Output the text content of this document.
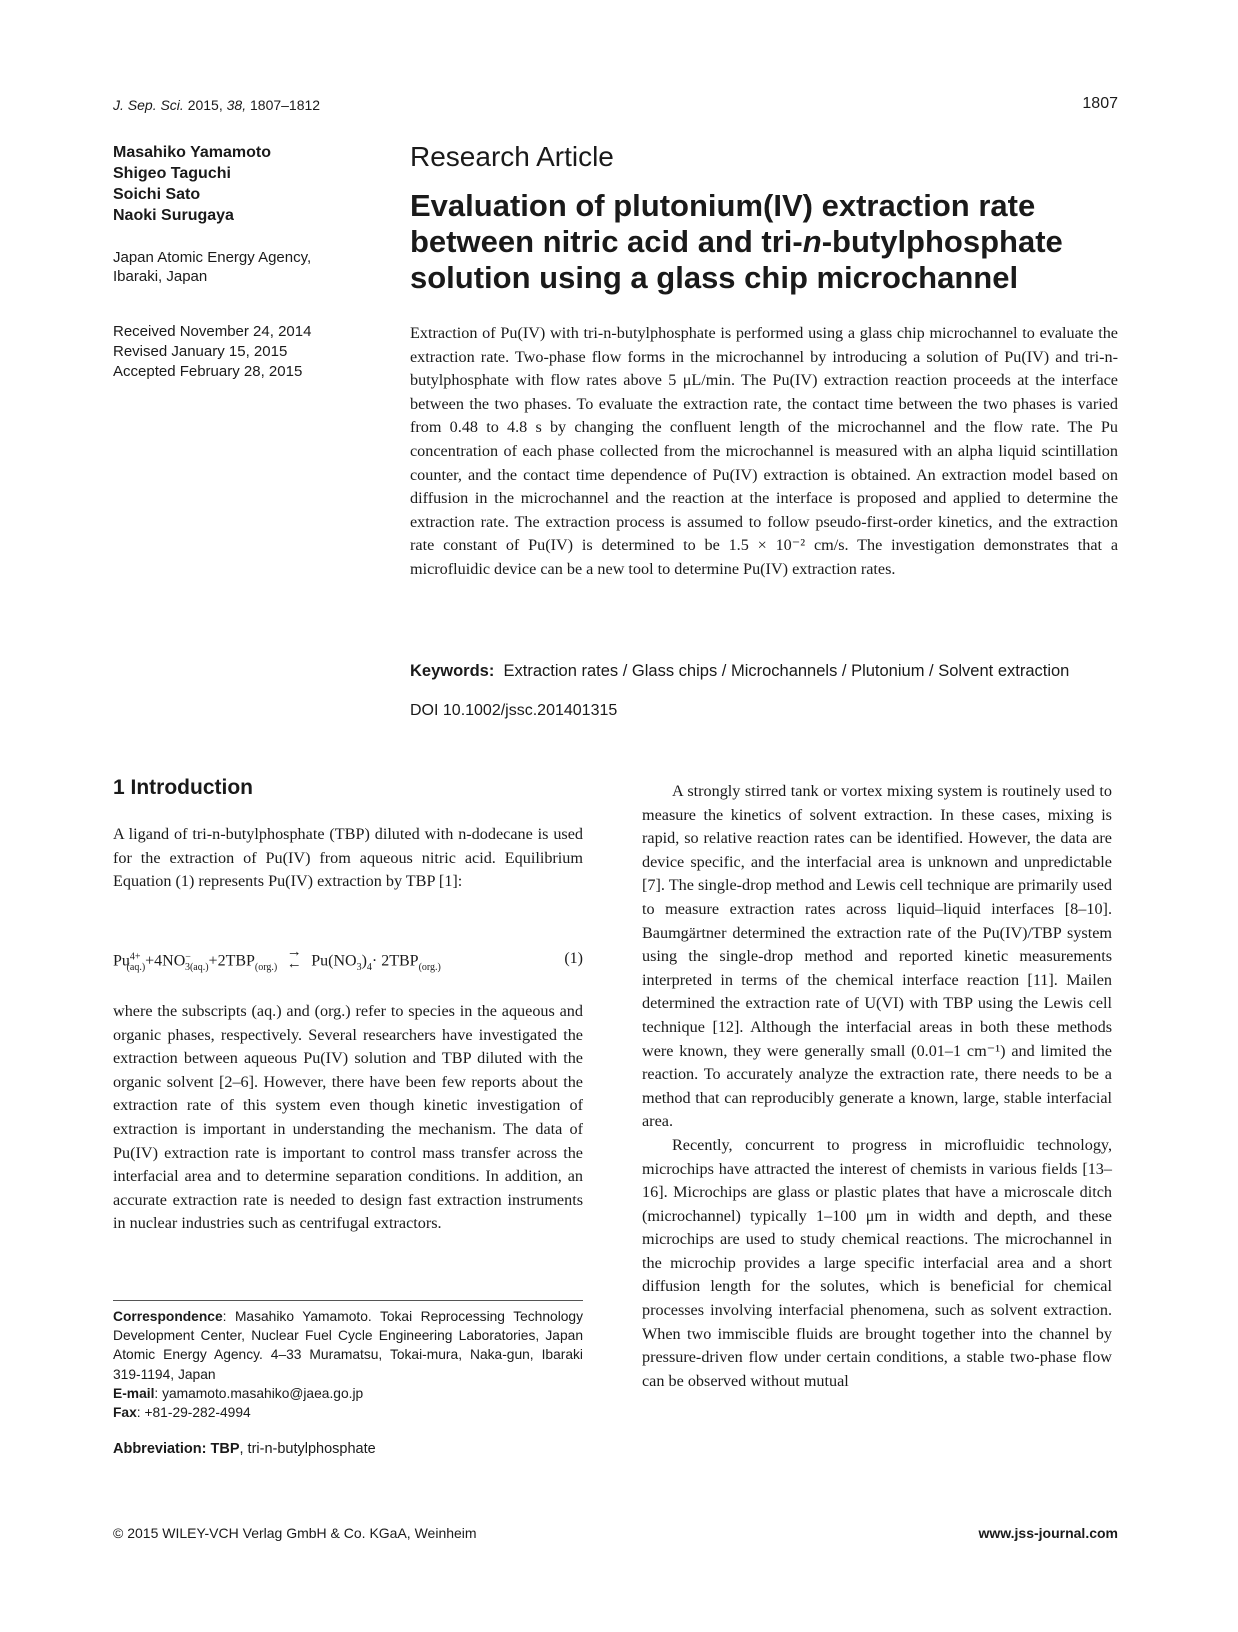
J. Sep. Sci. 2015, 38, 1807–1812	1807
Masahiko Yamamoto
Shigeo Taguchi
Soichi Sato
Naoki Surugaya
Japan Atomic Energy Agency,
Ibaraki, Japan
Received November 24, 2014
Revised January 15, 2015
Accepted February 28, 2015
Research Article
Evaluation of plutonium(IV) extraction rate between nitric acid and tri-n-butylphosphate solution using a glass chip microchannel
Extraction of Pu(IV) with tri-n-butylphosphate is performed using a glass chip microchannel to evaluate the extraction rate. Two-phase flow forms in the microchannel by introducing a solution of Pu(IV) and tri-n-butylphosphate with flow rates above 5 μL/min. The Pu(IV) extraction reaction proceeds at the interface between the two phases. To evaluate the extraction rate, the contact time between the two phases is varied from 0.48 to 4.8 s by changing the confluent length of the microchannel and the flow rate. The Pu concentration of each phase collected from the microchannel is measured with an alpha liquid scintillation counter, and the contact time dependence of Pu(IV) extraction is obtained. An extraction model based on diffusion in the microchannel and the reaction at the interface is proposed and applied to determine the extraction rate. The extraction process is assumed to follow pseudo-first-order kinetics, and the extraction rate constant of Pu(IV) is determined to be 1.5 × 10⁻² cm/s. The investigation demonstrates that a microfluidic device can be a new tool to determine Pu(IV) extraction rates.
Keywords: Extraction rates / Glass chips / Microchannels / Plutonium / Solvent extraction
DOI 10.1002/jssc.201401315
1 Introduction

A ligand of tri-n-butylphosphate (TBP) diluted with n-dodecane is used for the extraction of Pu(IV) from aqueous nitric acid. Equilibrium Equation (1) represents Pu(IV) extraction by TBP [1]:

$Pu^{4+}_{(aq.)}+4NO^-_{3(aq.)}+2TBP_{(org.)}$ →
← $Pu(NO_3)_4\cdot 2TBP_{(org.)}$
(1)

where the subscripts (aq.) and (org.) refer to species in the aqueous and organic phases, respectively. Several researchers have investigated the extraction between aqueous Pu(IV) solution and TBP diluted with the organic solvent [2–6]. However, there have been few reports about the extraction rate of this system even though kinetic investigation of extraction is important in understanding the mechanism. The data of Pu(IV) extraction rate is important to control mass transfer across the interfacial area and to determine separation conditions. In addition, an accurate extraction rate is needed to design fast extraction instruments in nuclear industries such as centrifugal extractors.

A strongly stirred tank or vortex mixing system is routinely used to measure the kinetics of solvent extraction. In these cases, mixing is rapid, so relative reaction rates can be identified. However, the data are device specific, and the interfacial area is unknown and unpredictable [7]. The single-drop method and Lewis cell technique are primarily used to measure extraction rates across liquid–liquid interfaces [8–10]. Baumgärtner determined the extraction rate of the Pu(IV)/TBP system using the single-drop method and reported kinetic measurements interpreted in terms of the chemical interface reaction [11]. Mailen determined the extraction rate of U(VI) with TBP using the Lewis cell technique [12]. Although the interfacial areas in both these methods were known, they were generally small (0.01–1 cm⁻¹) and limited the reaction. To accurately analyze the extraction rate, there needs to be a method that can reproducibly generate a known, large, stable interfacial area.

Recently, concurrent to progress in microfluidic technology, microchips have attracted the interest of chemists in various fields [13–16]. Microchips are glass or plastic plates that have a microscale ditch (microchannel) typically 1–100 μm in width and depth, and these microchips are used to study chemical reactions. The microchannel in the microchip provides a large specific interfacial area and a short diffusion length for the solutes, which is beneficial for chemical processes involving interfacial phenomena, such as solvent extraction. When two immiscible fluids are brought together into the channel by pressure-driven flow under certain conditions, a stable two-phase flow can be observed without mutual

Correspondence: Masahiko Yamamoto. Tokai Reprocessing Technology Development Center, Nuclear Fuel Cycle Engineering Laboratories, Japan Atomic Energy Agency. 4–33 Muramatsu, Tokai-mura, Naka-gun, Ibaraki 319-1194, Japan
E-mail: yamamoto.masahiko@jaea.go.jp
Fax: +81-29-282-4994
Abbreviation: TBP, tri-n-butylphosphate
© 2015 WILEY-VCH Verlag GmbH & Co. KGaA, Weinheim	www.jss-journal.com
